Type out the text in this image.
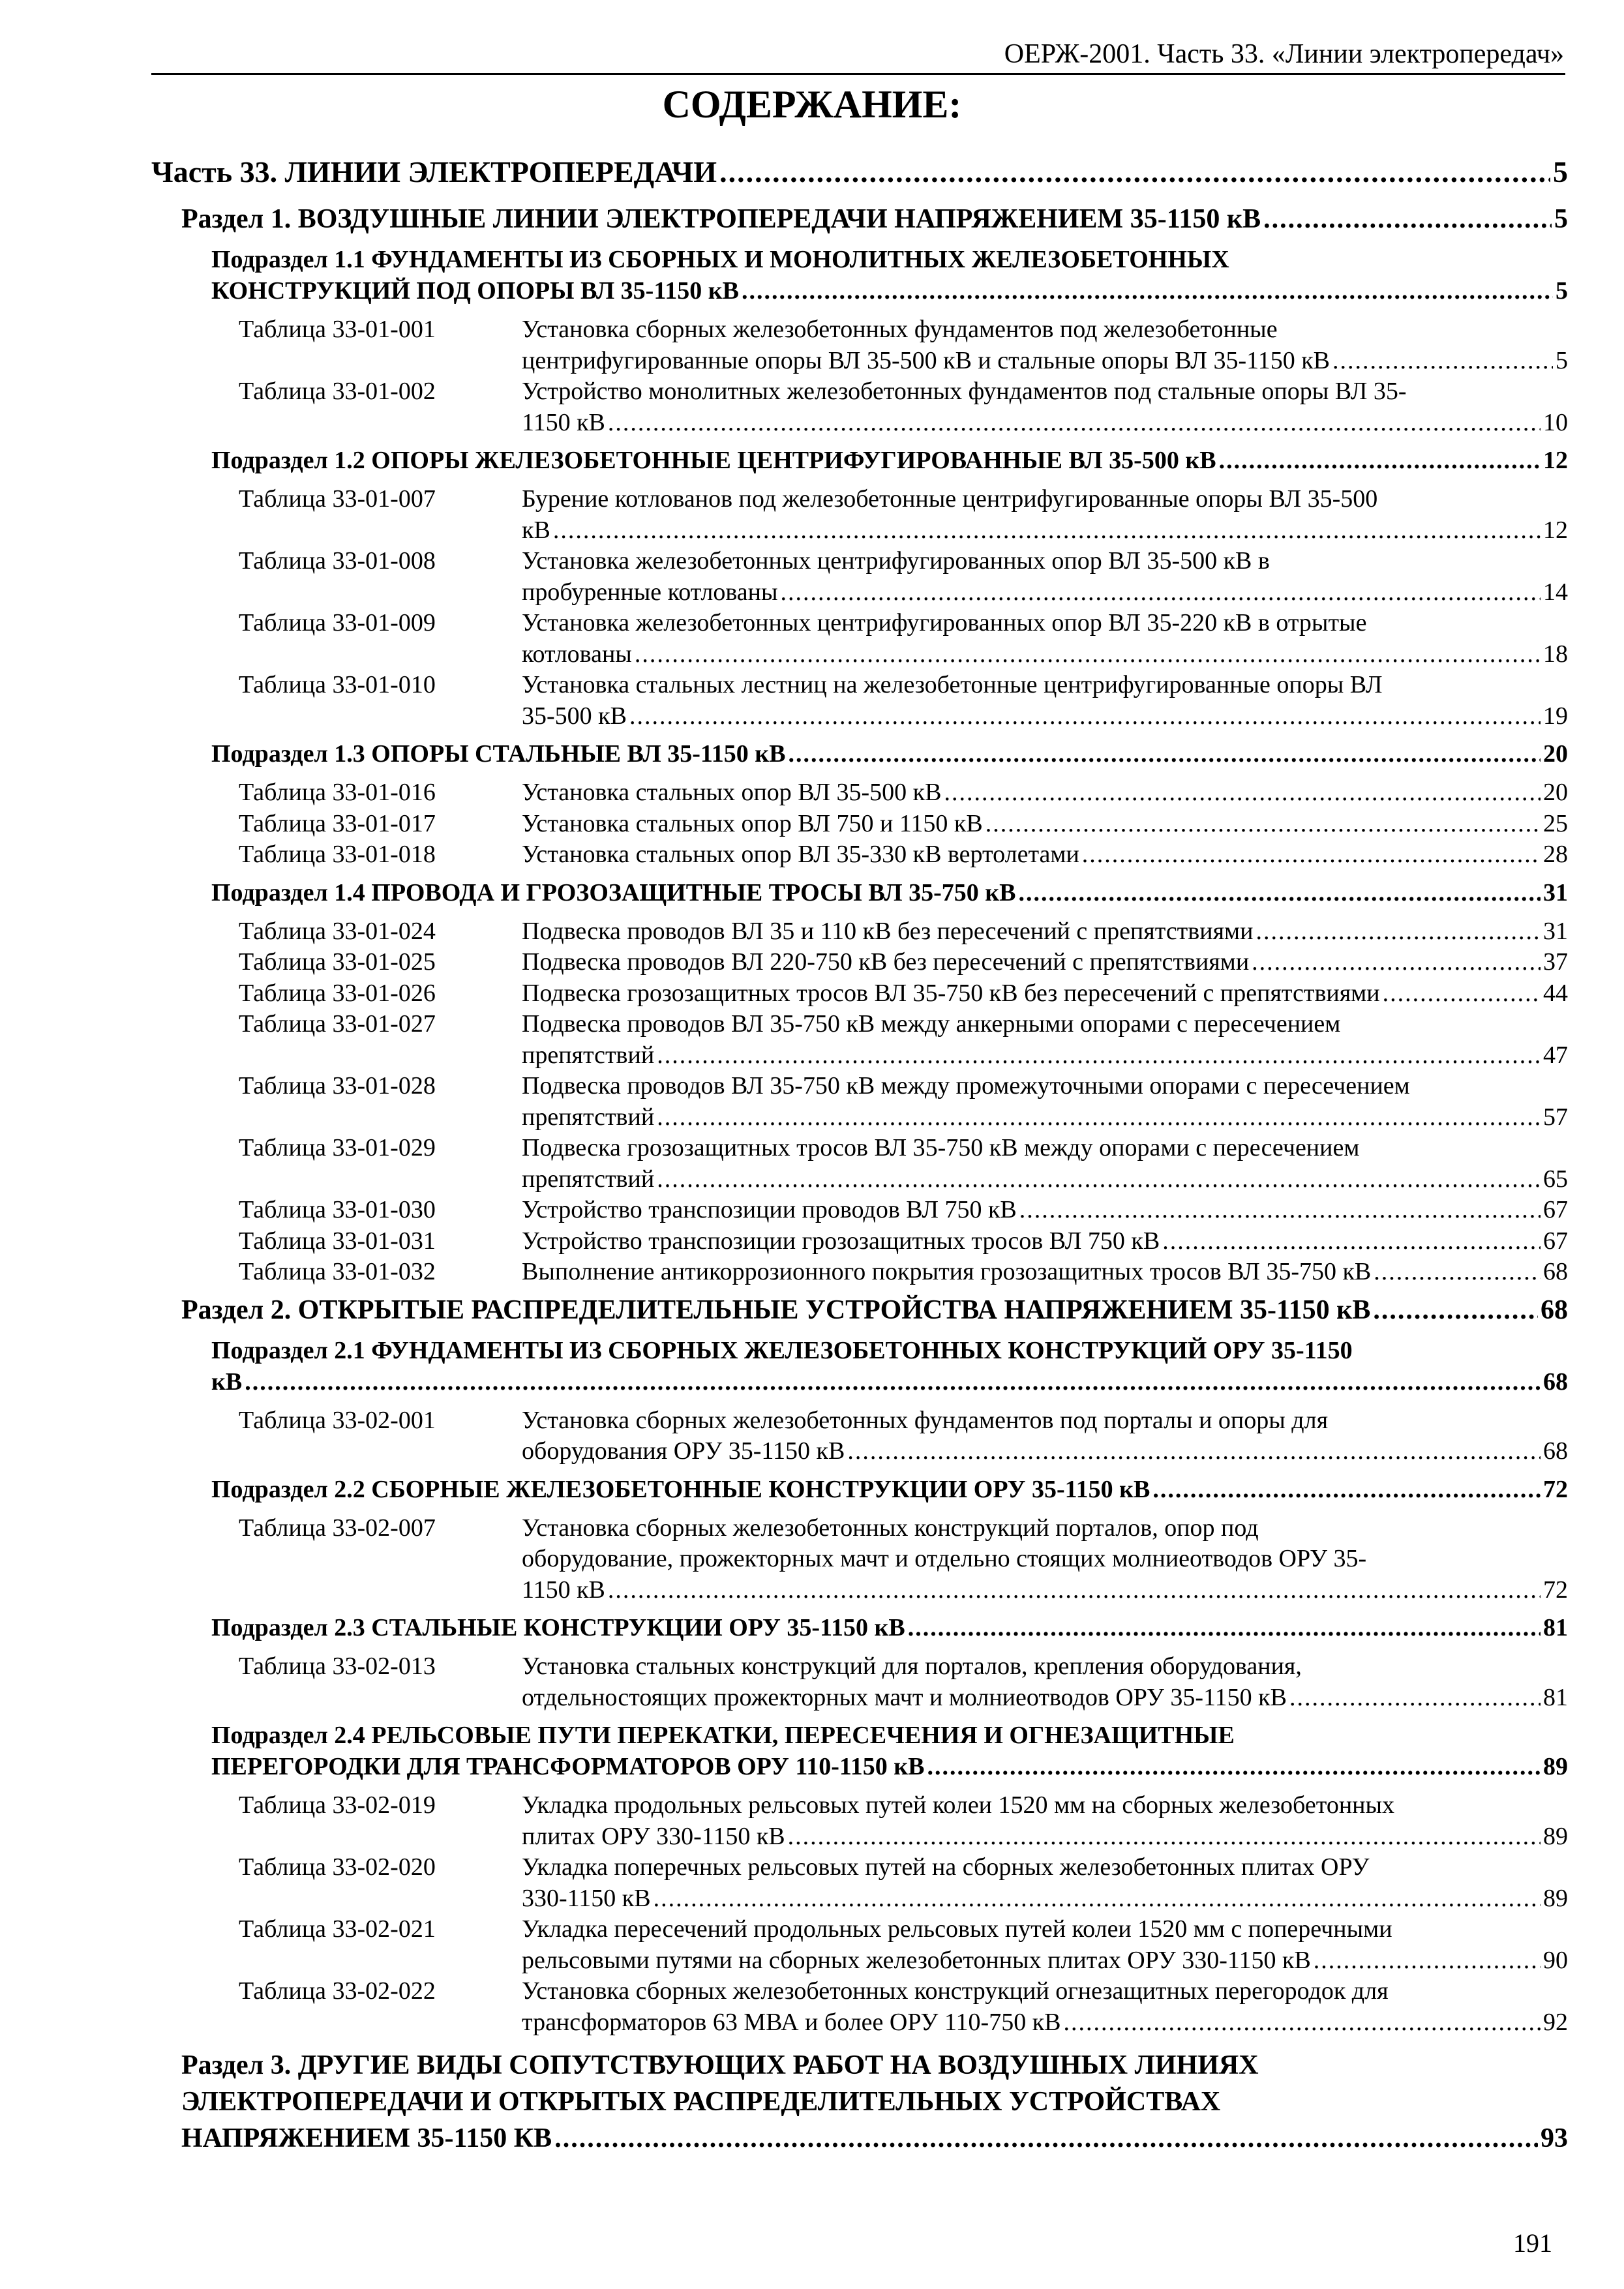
ОЕРЖ-2001. Часть 33. «Линии электропередач»
СОДЕРЖАНИЕ:
Часть 33. ЛИНИИ ЭЛЕКТРОПЕРЕДАЧИ .....	5
Раздел 1. ВОЗДУШНЫЕ ЛИНИИ ЭЛЕКТРОПЕРЕДАЧИ НАПРЯЖЕНИЕМ 35-1150 кВ .....	5
Подраздел 1.1 ФУНДАМЕНТЫ ИЗ СБОРНЫХ И МОНОЛИТНЫХ ЖЕЛЕЗОБЕТОННЫХ
КОНСТРУКЦИЙ ПОД ОПОРЫ ВЛ 35-1150 кВ .....	5
Таблица 33-01-001	Установка сборных железобетонных фундаментов под железобетонные
центрифугированные опоры ВЛ 35-500 кВ и стальные опоры ВЛ 35-1150 кВ .....	5
Таблица 33-01-002	Устройство монолитных железобетонных фундаментов под стальные опоры ВЛ 35-
1150 кВ .....	10
Подраздел 1.2 ОПОРЫ ЖЕЛЕЗОБЕТОННЫЕ ЦЕНТРИФУГИРОВАННЫЕ ВЛ 35-500 кВ .....	12
Таблица 33-01-007	Бурение котлованов под железобетонные центрифугированные опоры ВЛ 35-500
кВ .....	12
Таблица 33-01-008	Установка железобетонных центрифугированных опор ВЛ 35-500 кВ в
пробуренные котлованы .....	14
Таблица 33-01-009	Установка железобетонных центрифугированных опор ВЛ 35-220 кВ в отрытые
котлованы .....	18
Таблица 33-01-010	Установка стальных лестниц на железобетонные центрифугированные опоры ВЛ
35-500 кВ .....	19
Подраздел 1.3 ОПОРЫ СТАЛЬНЫЕ ВЛ 35-1150 кВ .....	20
Таблица 33-01-016	Установка стальных опор ВЛ 35-500 кВ .....	20
Таблица 33-01-017	Установка стальных опор ВЛ 750 и 1150 кВ .....	25
Таблица 33-01-018	Установка стальных опор ВЛ 35-330 кВ вертолетами .....	28
Подраздел 1.4 ПРОВОДА И ГРОЗОЗАЩИТНЫЕ ТРОСЫ ВЛ 35-750 кВ .....	31
Таблица 33-01-024	Подвеска проводов ВЛ 35 и 110 кВ без пересечений с препятствиями .....	31
Таблица 33-01-025	Подвеска проводов ВЛ 220-750 кВ без пересечений с препятствиями .....	37
Таблица 33-01-026	Подвеска грозозащитных тросов ВЛ 35-750 кВ без пересечений с препятствиями .....	44
Таблица 33-01-027	Подвеска проводов ВЛ 35-750 кВ между анкерными опорами с пересечением
препятствий .....	47
Таблица 33-01-028	Подвеска проводов ВЛ 35-750 кВ между промежуточными опорами с пересечением
препятствий .....	57
Таблица 33-01-029	Подвеска грозозащитных тросов ВЛ 35-750 кВ между опорами с пересечением
препятствий .....	65
Таблица 33-01-030	Устройство транспозиции проводов ВЛ 750 кВ .....	67
Таблица 33-01-031	Устройство транспозиции грозозащитных тросов ВЛ 750 кВ .....	67
Таблица 33-01-032	Выполнение антикоррозионного покрытия грозозащитных тросов ВЛ 35-750 кВ .....	68
Раздел 2. ОТКРЫТЫЕ РАСПРЕДЕЛИТЕЛЬНЫЕ УСТРОЙСТВА НАПРЯЖЕНИЕМ 35-1150 кВ .....	68
Подраздел 2.1 ФУНДАМЕНТЫ ИЗ СБОРНЫХ ЖЕЛЕЗОБЕТОННЫХ КОНСТРУКЦИЙ ОРУ 35-1150
кВ .....	68
Таблица 33-02-001	Установка сборных железобетонных фундаментов под порталы и опоры для
оборудования ОРУ 35-1150 кВ .....	68
Подраздел 2.2 СБОРНЫЕ ЖЕЛЕЗОБЕТОННЫЕ КОНСТРУКЦИИ ОРУ 35-1150 кВ .....	72
Таблица 33-02-007	Установка сборных железобетонных конструкций порталов, опор под
оборудование, прожекторных мачт и отдельно стоящих молниеотводов ОРУ 35-
1150 кВ .....	72
Подраздел 2.3 СТАЛЬНЫЕ КОНСТРУКЦИИ ОРУ 35-1150 кВ .....	81
Таблица 33-02-013	Установка стальных конструкций для порталов, крепления оборудования,
отдельностоящих прожекторных мачт и молниеотводов ОРУ 35-1150 кВ .....	81
Подраздел 2.4 РЕЛЬСОВЫЕ ПУТИ ПЕРЕКАТКИ, ПЕРЕСЕЧЕНИЯ И ОГНЕЗАЩИТНЫЕ
ПЕРЕГОРОДКИ ДЛЯ ТРАНСФОРМАТОРОВ ОРУ 110-1150 кВ .....	89
Таблица 33-02-019	Укладка продольных рельсовых путей колеи 1520 мм на сборных железобетонных
плитах ОРУ 330-1150 кВ .....	89
Таблица 33-02-020	Укладка поперечных рельсовых путей на сборных железобетонных плитах ОРУ
330-1150 кВ .....	89
Таблица 33-02-021	Укладка пересечений продольных рельсовых путей колеи 1520 мм с поперечными
рельсовыми путями на сборных железобетонных плитах ОРУ 330-1150 кВ .....	90
Таблица 33-02-022	Установка сборных железобетонных конструкций огнезащитных перегородок для
трансформаторов 63 МВА и более ОРУ 110-750 кВ .....	92
Раздел 3. ДРУГИЕ ВИДЫ СОПУТСТВУЮЩИХ РАБОТ НА ВОЗДУШНЫХ ЛИНИЯХ
ЭЛЕКТРОПЕРЕДАЧИ И ОТКРЫТЫХ РАСПРЕДЕЛИТЕЛЬНЫХ УСТРОЙСТВАХ
НАПРЯЖЕНИЕМ 35-1150 КВ .....	93
191
